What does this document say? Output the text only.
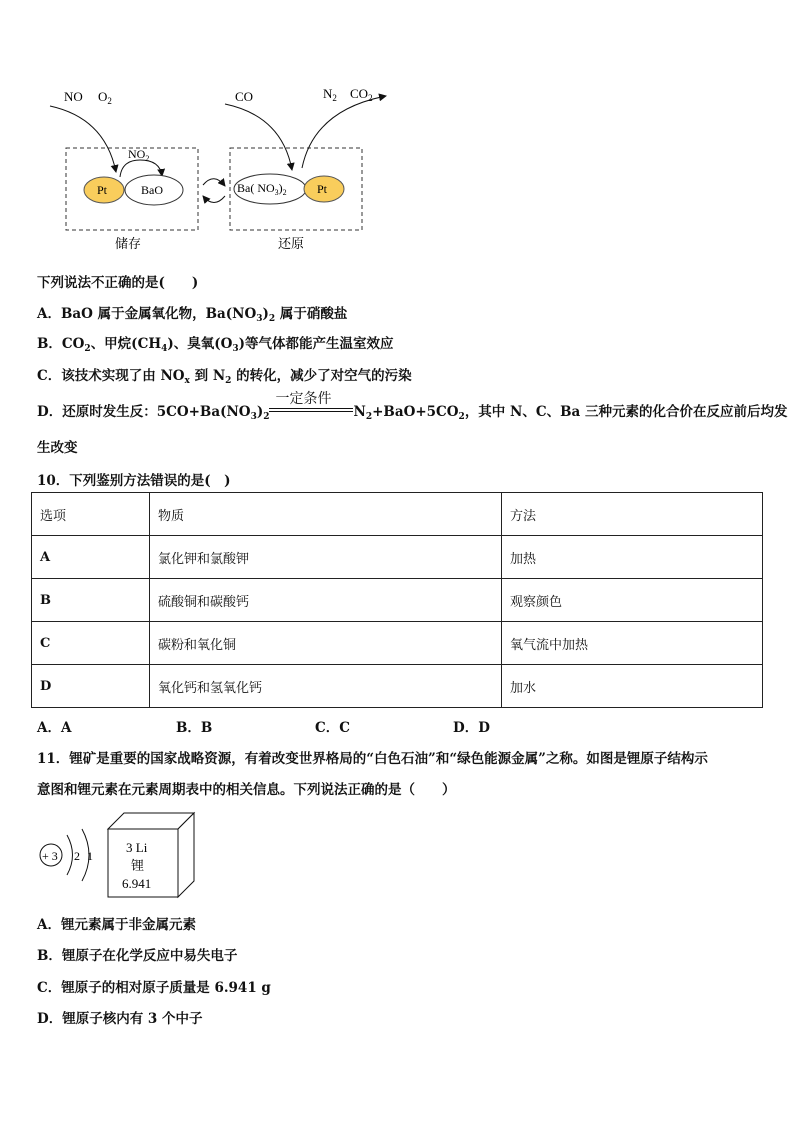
NO $O_2$	CO	$N_2$ $CO_2$
$NO_2$
Pt	BaO	Ba( $NO_3)_2$	Pt
储存	还原
下列说法不正确的是(　　)
A．BaO 属于金属氧化物，$Ba(NO_3)_2$ 属于硝酸盐
B．$CO_2$、甲烷$(CH_4)$、臭氧$(O_3)$等气体都能产生温室效应
C．该技术实现了由 $NO_x$ 到 $N_2$ 的转化，减少了对空气的污染
D．还原时发生反：$5CO+Ba(NO_3)_2$
一定条件
$N_2+BaO+5CO_2$，其中 N、C、Ba 三种元素的化合价在反应前后均发
生改变
10．下列鉴别方法错误的是(　)
选项	物质	方法
A	氯化钾和氯酸钾	加热
B	硫酸铜和碳酸钙	观察颜色
C	碳粉和氧化铜	氧气流中加热
D	氧化钙和氢氧化钙	加水
A．A	B．B	C．C	D．D
11．锂矿是重要的国家战略资源，有着改变世界格局的“白色石油”和“绿色能源金属”之称。如图是锂原子结构示
意图和锂元素在元素周期表中的相关信息。下列说法正确的是（　　）
+ 3 2 1
3 Li
锂
6.941
A．锂元素属于非金属元素
B．锂原子在化学反应中易失电子
C．锂原子的相对原子质量是 6.941 g
D．锂原子核内有 3 个中子
